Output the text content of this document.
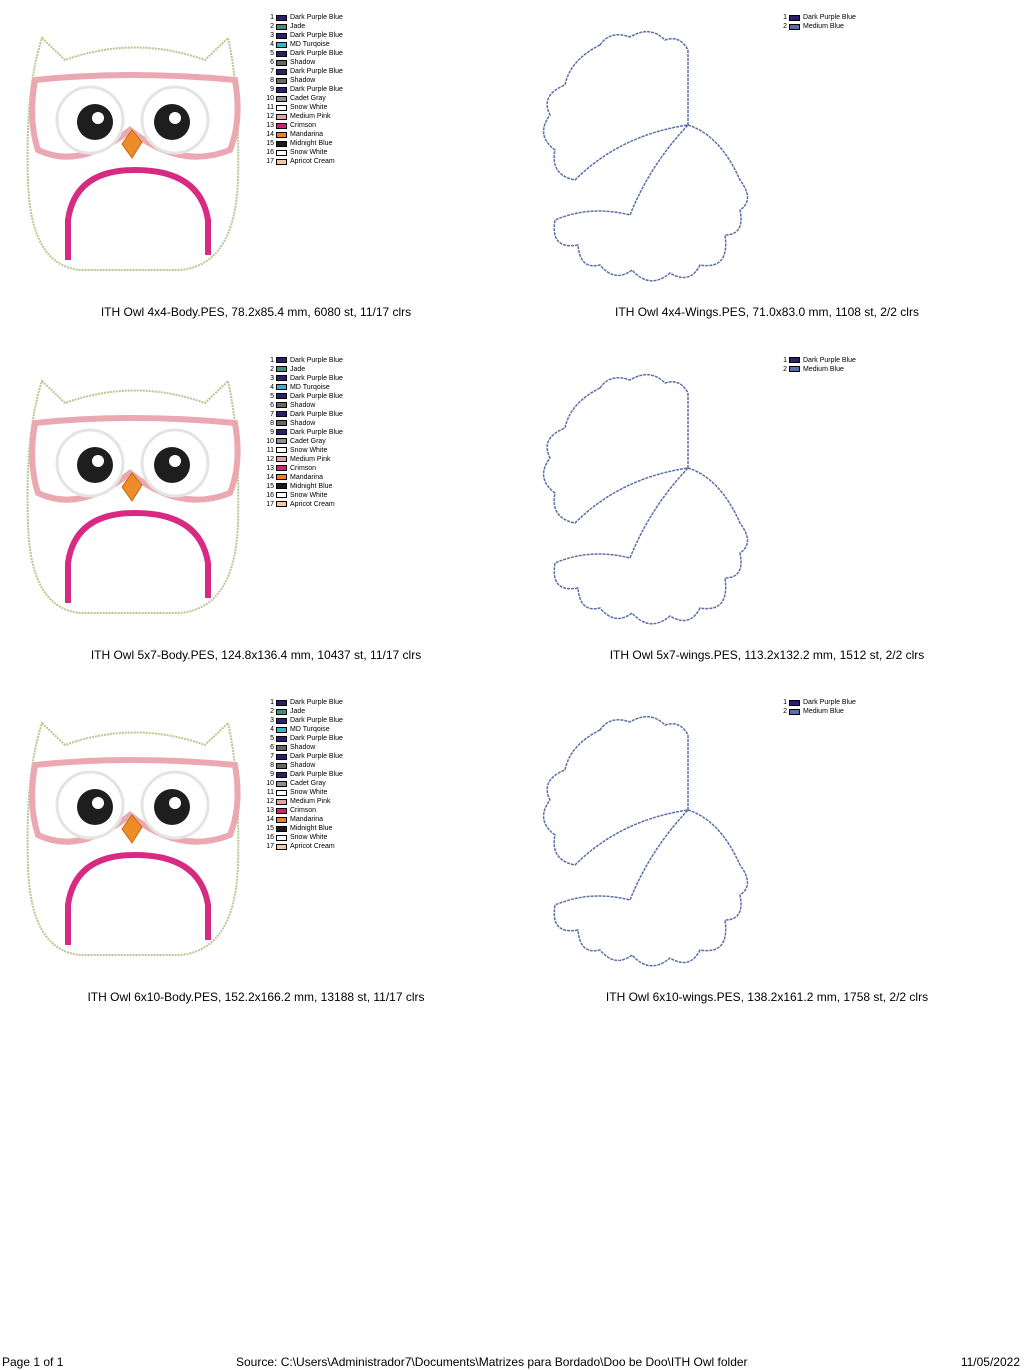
1 Dark Purple Blue
2 Jade
3 Dark Purple Blue
4 MD Turqoise
5 Dark Purple Blue
6 Shadow
7 Dark Purple Blue
8 Shadow
9 Dark Purple Blue
10 Cadet Gray
11 Snow White
12 Medium Pink
13 Crimson
14 Mandarina
15 Midnight Blue
16 Snow White
17 Apricot Cream
ITH Owl 4x4-Body.PES, 78.2x85.4 mm, 6080 st, 11/17 clrs
1 Dark Purple Blue
2 Medium Blue
ITH Owl 4x4-Wings.PES, 71.0x83.0 mm, 1108 st, 2/2 clrs
1 Dark Purple Blue
2 Jade
3 Dark Purple Blue
4 MD Turqoise
5 Dark Purple Blue
6 Shadow
7 Dark Purple Blue
8 Shadow
9 Dark Purple Blue
10 Cadet Gray
11 Snow White
12 Medium Pink
13 Crimson
14 Mandarina
15 Midnight Blue
16 Snow White
17 Apricot Cream
ITH Owl 5x7-Body.PES, 124.8x136.4 mm, 10437 st, 11/17 clrs
1 Dark Purple Blue
2 Medium Blue
ITH Owl 5x7-wings.PES, 113.2x132.2 mm, 1512 st, 2/2 clrs
1 Dark Purple Blue
2 Jade
3 Dark Purple Blue
4 MD Turqoise
5 Dark Purple Blue
6 Shadow
7 Dark Purple Blue
8 Shadow
9 Dark Purple Blue
10 Cadet Gray
11 Snow White
12 Medium Pink
13 Crimson
14 Mandarina
15 Midnight Blue
16 Snow White
17 Apricot Cream
ITH Owl 6x10-Body.PES, 152.2x166.2 mm, 13188 st, 11/17 clrs
1 Dark Purple Blue
2 Medium Blue
ITH Owl 6x10-wings.PES, 138.2x161.2 mm, 1758 st, 2/2 clrs
Page 1 of 1	Source: C:\Users\Administrador7\Documents\Matrizes para Bordado\Doo be Doo\ITH Owl folder	11/05/2022
